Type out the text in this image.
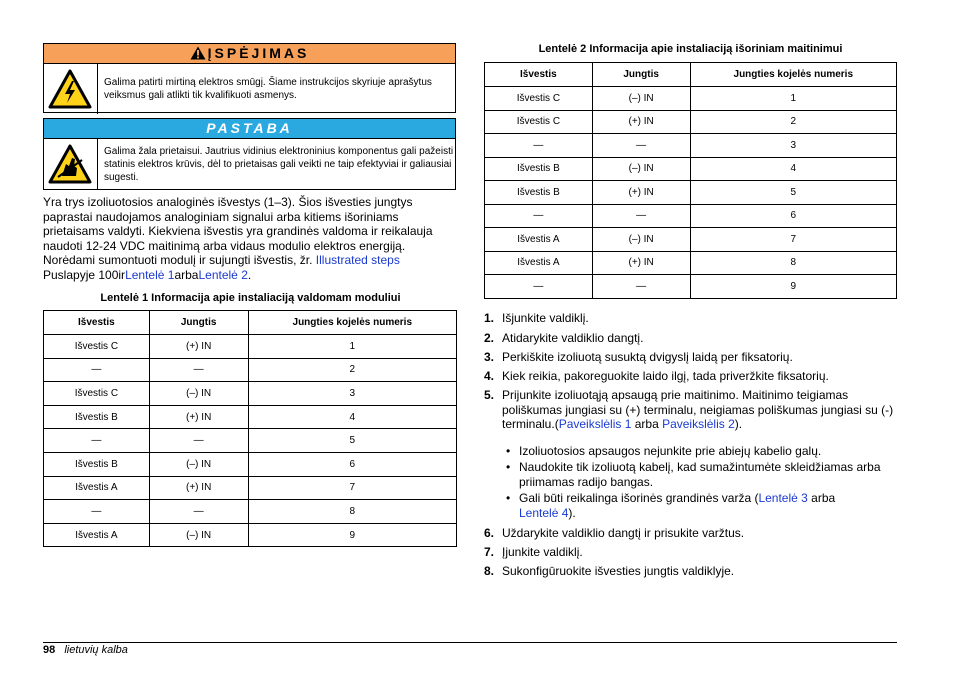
ĮSPĖJIMAS
Galima patirti mirtiną elektros smūgį. Šiame instrukcijos skyriuje aprašytus veiksmus gali atlikti tik kvalifikuoti asmenys.
PASTABA
Galima žala prietaisui. Jautrius vidinius elektroninius komponentus gali pažeisti statinis elektros krūvis, dėl to prietaisas gali veikti ne taip efektyviai ir galiausiai sugesti.
Yra trys izoliuotosios analoginės išvestys (1–3). Šios išvesties jungtys paprastai naudojamos analoginiam signalui arba kitiems išoriniams prietaisams valdyti. Kiekviena išvestis yra grandinės valdoma ir reikalauja naudoti 12-24 VDC maitinimą arba vidaus modulio elektros energiją. Norėdami sumontuoti modulį ir sujungti išvestis, žr. Illustrated steps
Puslapyje 100irLentelė 1arbaLentelė 2.
Lentelė 1 Informacija apie instaliaciją valdomam moduliui
Išvestis	Jungtis	Jungties kojelės numeris
Išvestis C	(+) IN	1
—	—	2
Išvestis C	(–) IN	3
Išvestis B	(+) IN	4
—	—	5
Išvestis B	(–) IN	6
Išvestis A	(+) IN	7
—	—	8
Išvestis A	(–) IN	9
Lentelė 2 Informacija apie instaliaciją išoriniam maitinimui
Išvestis	Jungtis	Jungties kojelės numeris
Išvestis C	(–) IN	1
Išvestis C	(+) IN	2
—	—	3
Išvestis B	(–) IN	4
Išvestis B	(+) IN	5
—	—	6
Išvestis A	(–) IN	7
Išvestis A	(+) IN	8
—	—	9
1. Išjunkite valdiklį.
2. Atidarykite valdiklio dangtį.
3. Perkiškite izoliuotą susuktą dvigyslį laidą per fiksatorių.
4. Kiek reikia, pakoreguokite laido ilgį, tada priveržkite fiksatorių.
5. Prijunkite izoliuotąją apsaugą prie maitinimo. Maitinimo teigiamas poliškumas jungiasi su (+) terminalu, neigiamas poliškumas jungiasi su (-) terminalu.(Paveikslėlis 1 arba Paveikslėlis 2).
• Izoliuotosios apsaugos nejunkite prie abiejų kabelio galų.
• Naudokite tik izoliuotą kabelį, kad sumažintumėte skleidžiamas arba priimamas radijo bangas.
• Gali būti reikalinga išorinės grandinės varža (Lentelė 3 arba
Lentelė 4).
6. Uždarykite valdiklio dangtį ir prisukite varžtus.
7. Įjunkite valdiklį.
8. Sukonfigūruokite išvesties jungtis valdiklyje.
98 lietuvių kalba
